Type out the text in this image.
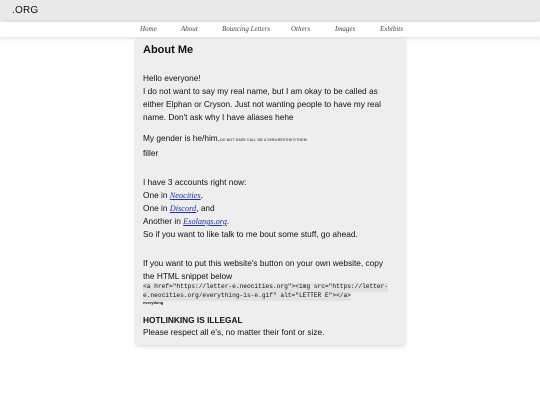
.ORG
Home	About	Bouncing Letters	Others	Images	Exhibits
About Me
Hello everyone!
I do not want to say my real name, but I am okay to be called as
either Elphan or Cryson. Just not wanting people to have my real
name. Don't ask why I have aliases hehe
My gender is he/him.DO NOT DARE CALL ME A SHE/HER/THEY/THEM
filler
I have 3 accounts right now:
One in Neocities,
One in Discord, and
Another in Esolangs.org.
So if you want to like talk to me bout some stuff, go ahead.
If you want to put this website's button on your own website, copy
the HTML snippet below
<a href="https://letter-e.neocities.org"><img src="https://letter-
e.neocities.org/everything-is-e.gif" alt="LETTER E"></a>
everything
HOTLINKING IS ILLEGAL
Please respect all e's, no matter their font or size.
